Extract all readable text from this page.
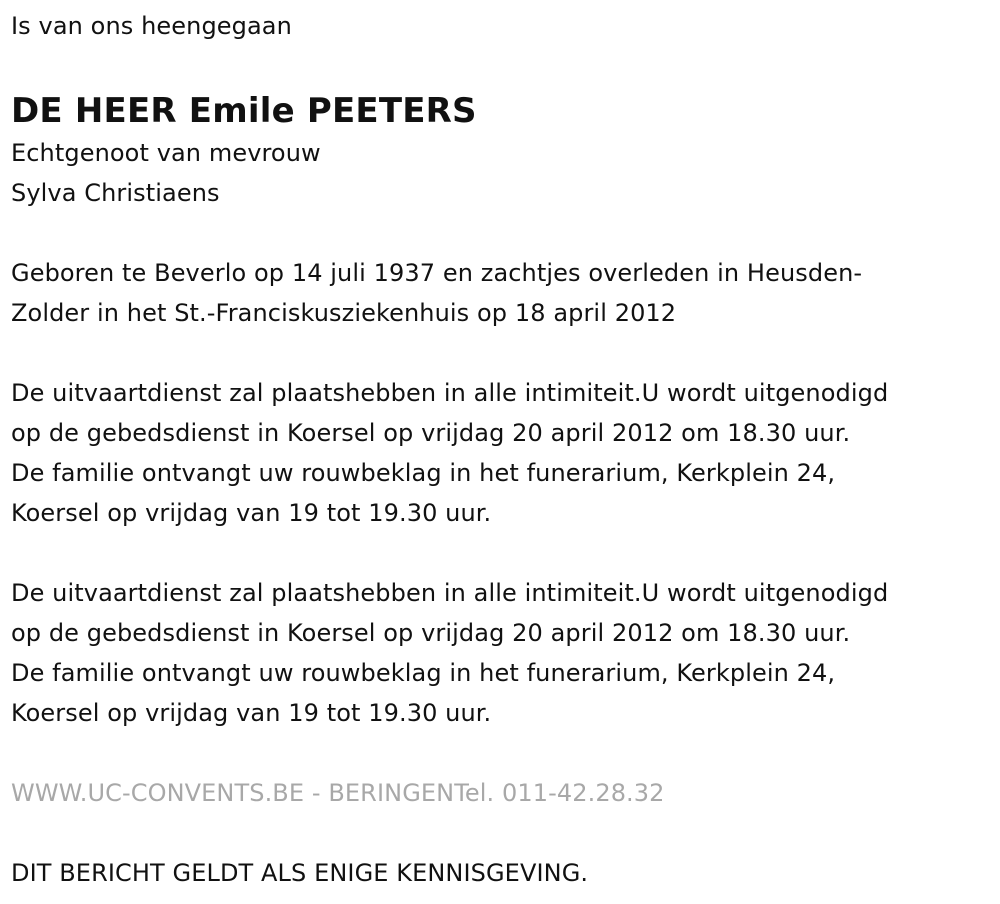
Is van ons heengegaan
DE HEER Emile PEETERS
Echtgenoot van mevrouw
Sylva Christiaens
Geboren te Beverlo op 14 juli 1937 en zachtjes overleden in Heusden-
Zolder in het St.-Franciskusziekenhuis op 18 april 2012
De uitvaartdienst zal plaatshebben in alle intimiteit.U wordt uitgenodigd
op de gebedsdienst in Koersel op vrijdag 20 april 2012 om 18.30 uur.
De familie ontvangt uw rouwbeklag in het funerarium, Kerkplein 24,
Koersel op vrijdag van 19 tot 19.30 uur.
De uitvaartdienst zal plaatshebben in alle intimiteit.U wordt uitgenodigd
op de gebedsdienst in Koersel op vrijdag 20 april 2012 om 18.30 uur.
De familie ontvangt uw rouwbeklag in het funerarium, Kerkplein 24,
Koersel op vrijdag van 19 tot 19.30 uur.
WWW.UC-CONVENTS.BE - BERINGENTel. 011-42.28.32
DIT BERICHT GELDT ALS ENIGE KENNISGEVING.
